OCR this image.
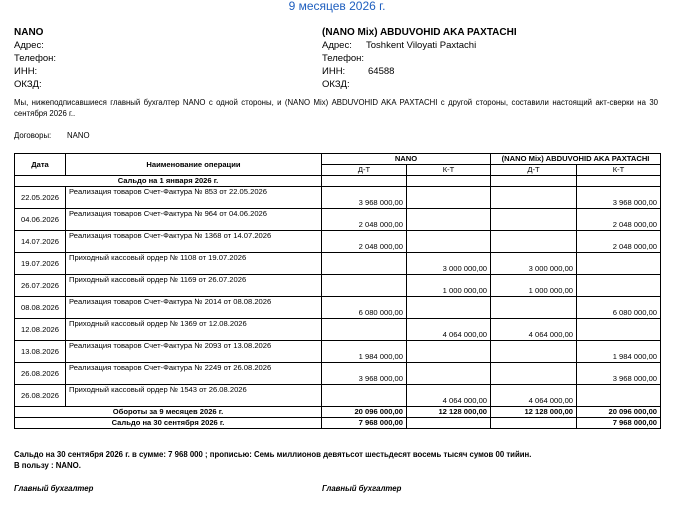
9 месяцев 2026 г.
NANO
Адрес:
Телефон:
ИНН:
ОКЗД:
(NANO Mix) ABDUVOHID AKA PAXTACHI
Адрес: Toshkent Viloyati Paxtachi
Телефон:
ИНН: 64588
ОКЗД:
Мы, нижеподписавшиеся главный бухгалтер NANO с одной стороны, и (NANO Mix) ABDUVOHID AKA PAXTACHI с другой стороны, составили настоящий акт-сверки на 30 сентября 2026 г..
Договоры: NANO
Дата	Наименование операции	NANO		(NANO Mix) ABDUVOHID AKA PAXTACHI	
		Д-Т	К-Т	Д-Т	К-Т
Сальдо на 1 января 2026 г.					
22.05.2026	Реализация товаров Счет-Фактура № 853 от 22.05.2026	3 968 000,00			3 968 000,00
04.06.2026	Реализация товаров Счет-Фактура № 964 от 04.06.2026	2 048 000,00			2 048 000,00
14.07.2026	Реализация товаров Счет-Фактура № 1368 от 14.07.2026	2 048 000,00			2 048 000,00
19.07.2026	Приходный кассовый ордер № 1108 от 19.07.2026		3 000 000,00	3 000 000,00	
26.07.2026	Приходный кассовый ордер № 1169 от 26.07.2026		1 000 000,00	1 000 000,00	
08.08.2026	Реализация товаров Счет-Фактура № 2014 от 08.08.2026	6 080 000,00			6 080 000,00
12.08.2026	Приходный кассовый ордер № 1369 от 12.08.2026		4 064 000,00	4 064 000,00	
13.08.2026	Реализация товаров Счет-Фактура № 2093 от 13.08.2026	1 984 000,00			1 984 000,00
26.08.2026	Реализация товаров Счет-Фактура № 2249 от 26.08.2026	3 968 000,00			3 968 000,00
26.08.2026	Приходный кассовый ордер № 1543 от 26.08.2026		4 064 000,00	4 064 000,00	
Обороты за 9 месяцев 2026 г.		20 096 000,00	12 128 000,00	12 128 000,00	20 096 000,00
Сальдо на 30 сентября 2026 г.		7 968 000,00			7 968 000,00
Сальдо на 30 сентября 2026 г. в сумме: 7 968 000 ; прописью: Семь миллионов девятьсот шестьдесят восемь тысяч сумов 00 тийин.
В пользу : NANO.
Главный бухгалтер	Главный бухгалтер
